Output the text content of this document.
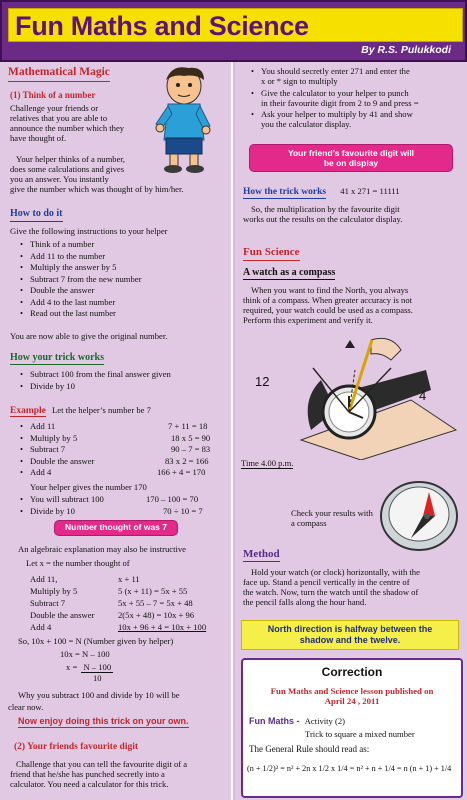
Fun Maths and Science
By R.S. Pulukkodi
Mathematical Magic
(1) Think of a number
Challenge your friends or
relatives that you are able to
announce the number which they
have thought of.
Your helper thinks of a number,
does some calculations and gives
you an answer. You instantly
give the number which was thought of by him/her.
How to do it
Give the following instructions to your helper
• Think of a number
• Add 11 to the number
• Multiply the answer by 5
• Subtract 7 from the new number
• Double the answer
• Add 4 to the last number
• Read out the last number
You are now able to give the original number.
How your trick works
• Subtract 100 from the final answer given
• Divide by 10
Example Let the helper’s number be 7
• Add 11	7 + 11 = 18
• Multiply by 5	18 x 5 = 90
• Subtract 7	90 – 7 = 83
• Double the answer	83 x 2 = 166
• Add 4	166 + 4 = 170
Your helper gives the number 170
• You will subtract 100	170 – 100 = 70
• Divide by 10	70 ÷ 10 = 7
Number thought of was 7
An algebraic explanation may also be instructive
Let x = the number thought of
Add 11,	x + 11
Multiply by 5	5 (x + 11) = 5x + 55
Subtract 7	5x + 55 – 7 = 5x + 48
Double the answer	2(5x + 48) = 10x + 96
Add 4	10x + 96 + 4 = 10x + 100
So, 10x + 100 = N (Number given by helper)
10x = N – 100
$x = \frac{N - 100}{10}$
Why you subtract 100 and divide by 10 will be
clear now.
Now enjoy doing this trick on your own.
(2) Your friends favourite digit
Challenge that you can tell the favourite digit of a
friend that he/she has punched secretly into a
calculator. You need a calculator for this trick.
• You should secretly enter 271 and enter the
x or * sign to multiply
• Give the calculator to your helper to punch
in their favourite digit from 2 to 9 and press =
• Ask your helper to multiply by 41 and show
you the calculator display.
Your friend’s favourite digit will
be on display
How the trick works 41 x 271 = 11111
So, the multiplication by the favourite digit
works out the results on the calculator display.
Fun Science
A watch as a compass
When you want to find the North, you always
think of a compass. When greater accuracy is not
required, your watch could be used as a compass.
Perform this experiment and verify it.
12
4
Time 4.00 p.m.
Check your results with
a compass
Method
Hold your watch (or clock) horizontally, with the
face up. Stand a pencil vertically in the centre of
the watch. Now, turn the watch until the shadow of
the pencil falls along the hour hand.
North direction is halfway between the
shadow and the twelve.
Correction
Fun Maths and Science lesson published on
April 24 , 2011
Fun Maths - Activity (2)
Trick to square a mixed number
The General Rule should read as:
(n + 1/2)² = n² + 2n x 1/2 x 1/4 = n² + n + 1/4 = n (n + 1) + 1/4
